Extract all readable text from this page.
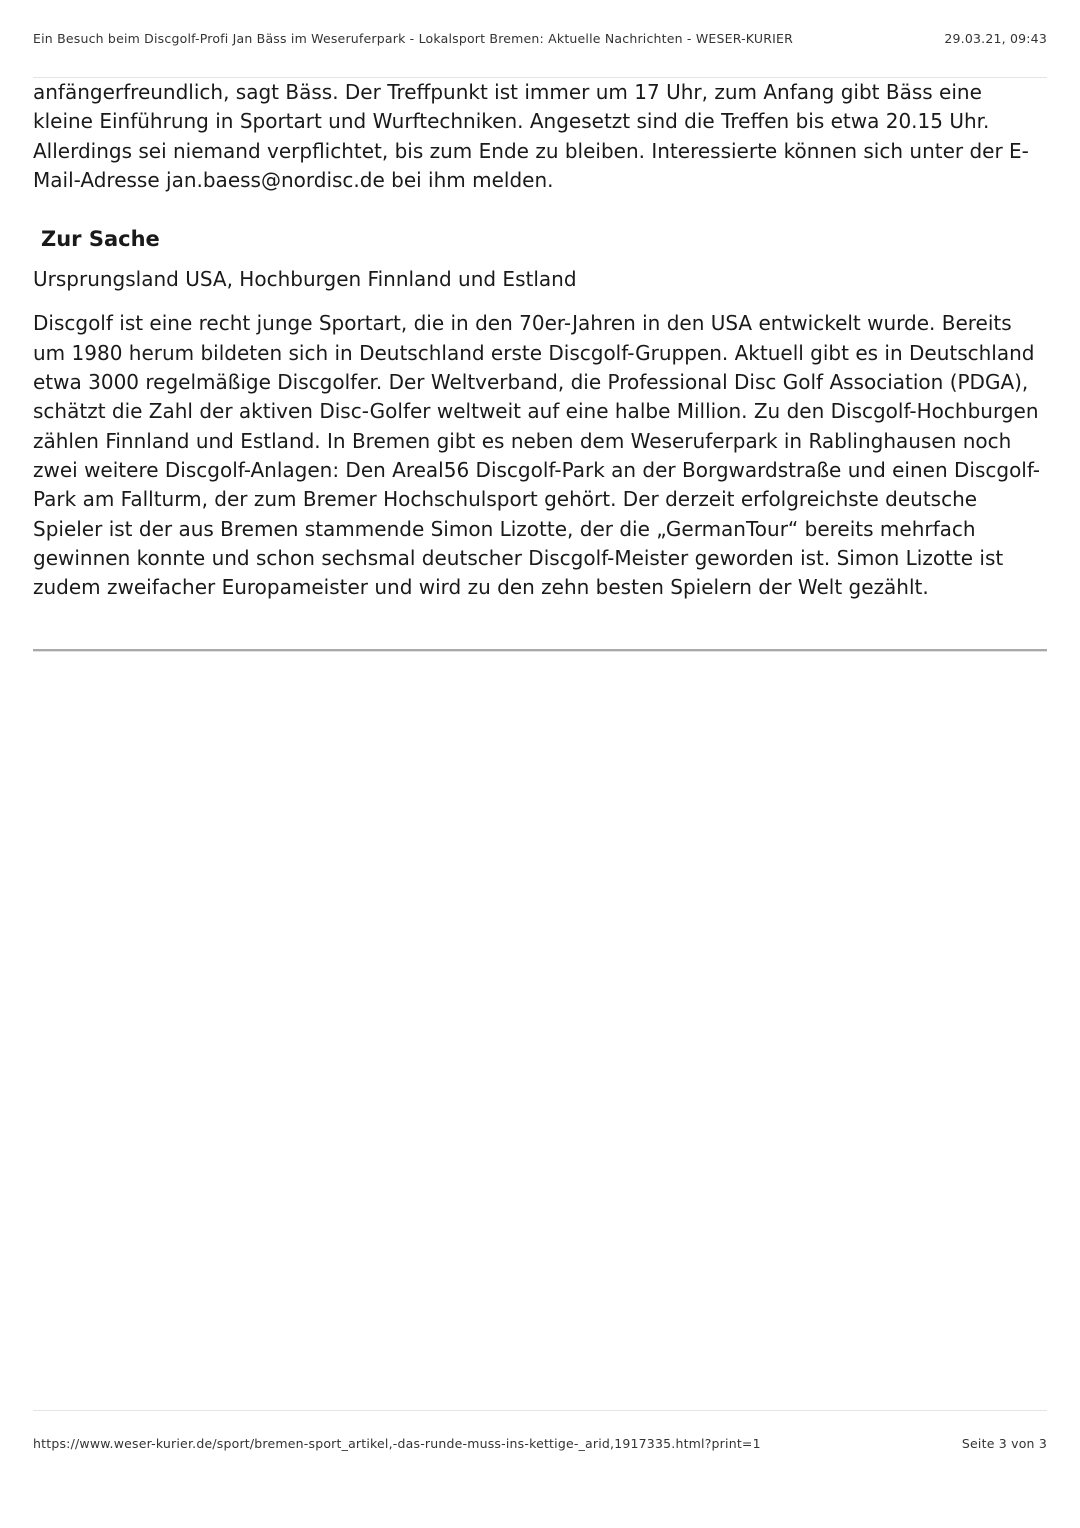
Ein Besuch beim Discgolf-Profi Jan Bäss im Weseruferpark - Lokalsport Bremen: Aktuelle Nachrichten - WESER-KURIER	29.03.21, 09:43

anfängerfreundlich, sagt Bäss. Der Treffpunkt ist immer um 17 Uhr, zum Anfang gibt Bäss eine kleine Einführung in Sportart und Wurftechniken. Angesetzt sind die Treffen bis etwa 20.15 Uhr. Allerdings sei niemand verpflichtet, bis zum Ende zu bleiben. Interessierte können sich unter der E-Mail-Adresse jan.baess@nordisc.de bei ihm melden.

Zur Sache

Ursprungsland USA, Hochburgen Finnland und Estland

Discgolf ist eine recht junge Sportart, die in den 70er-Jahren in den USA entwickelt wurde. Bereits um 1980 herum bildeten sich in Deutschland erste Discgolf-Gruppen. Aktuell gibt es in Deutschland etwa 3000 regelmäßige Discgolfer. Der Weltverband, die Professional Disc Golf Association (PDGA), schätzt die Zahl der aktiven Disc-Golfer weltweit auf eine halbe Million. Zu den Discgolf-Hochburgen zählen Finnland und Estland. In Bremen gibt es neben dem Weseruferpark in Rablinghausen noch zwei weitere Discgolf-Anlagen: Den Areal56 Discgolf-Park an der Borgwardstraße und einen Discgolf-Park am Fallturm, der zum Bremer Hochschulsport gehört. Der derzeit erfolgreichste deutsche Spieler ist der aus Bremen stammende Simon Lizotte, der die „GermanTour“ bereits mehrfach gewinnen konnte und schon sechsmal deutscher Discgolf-Meister geworden ist. Simon Lizotte ist zudem zweifacher Europameister und wird zu den zehn besten Spielern der Welt gezählt.

https://www.weser-kurier.de/sport/bremen-sport_artikel,-das-runde-muss-ins-kettige-_arid,1917335.html?print=1	Seite 3 von 3
